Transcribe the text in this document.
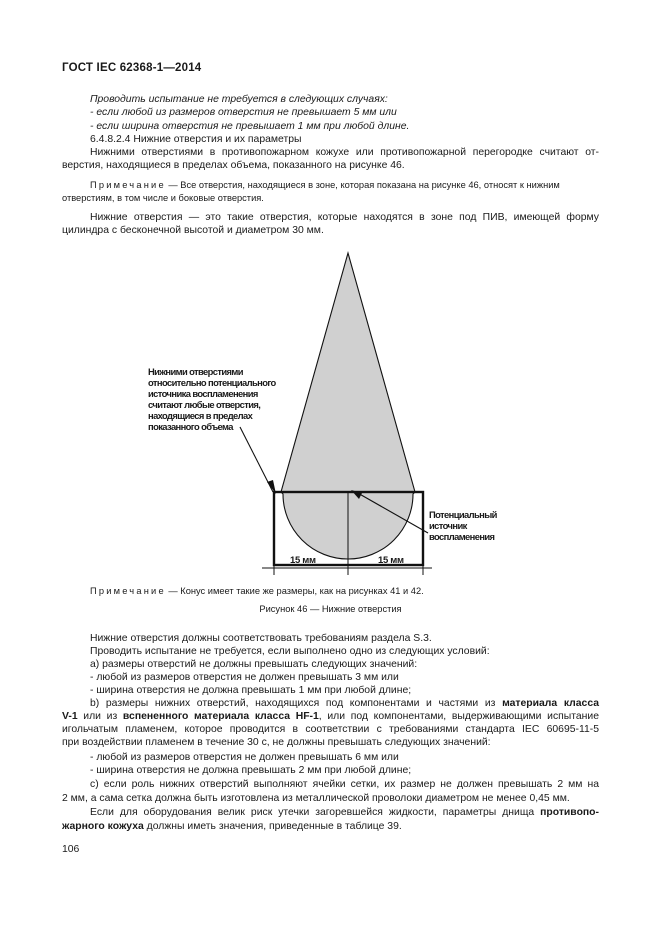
ГОСТ IEC 62368-1—2014
Проводить испытание не требуется в следующих случаях:
- если любой из размеров отверстия не превышает 5 мм или
- если ширина отверстия не превышает 1 мм при любой длине.
6.4.8.2.4 Нижние отверстия и их параметры
Нижними отверстиями в противопожарном кожухе или противопожарной перегородке считают от-
верстия, находящиеся в пределах объема, показанного на рисунке 46.
Примечание — Все отверстия, находящиеся в зоне, которая показана на рисунке 46, относят к нижним
отверстиям, в том числе и боковые отверстия.
Нижние отверстия — это такие отверстия, которые находятся в зоне под ПИВ, имеющей форму
цилиндра с бесконечной высотой и диаметром 30 мм.
Нижними отверстиями
относительно потенциального
источника воспламенения
считают любые отверстия,
находящиеся в пределах
показанного объема
Потенциальный
источник
воспламенения
15 мм	15 мм
Примечание — Конус имеет такие же размеры, как на рисунках 41 и 42.
Рисунок 46 — Нижние отверстия
Нижние отверстия должны соответствовать требованиям раздела S.3.
Проводить испытание не требуется, если выполнено одно из следующих условий:
a) размеры отверстий не должны превышать следующих значений:
- любой из размеров отверстия не должен превышать 3 мм или
- ширина отверстия не должна превышать 1 мм при любой длине;
b) размеры нижних отверстий, находящихся под компонентами и частями из материала класса
V-1 или из вспененного материала класса HF-1, или под компонентами, выдерживающими испытание
игольчатым пламенем, которое проводится в соответствии с требованиями стандарта IEC 60695-11-5
при воздействии пламенем в течение 30 с, не должны превышать следующих значений:
- любой из размеров отверстия не должен превышать 6 мм или
- ширина отверстия не должна превышать 2 мм при любой длине;
c) если роль нижних отверстий выполняют ячейки сетки, их размер не должен превышать 2 мм на
2 мм, а сама сетка должна быть изготовлена из металлической проволоки диаметром не менее 0,45 мм.
Если для оборудования велик риск утечки загоревшейся жидкости, параметры днища противопо-
жарного кожуха должны иметь значения, приведенные в таблице 39.
106
